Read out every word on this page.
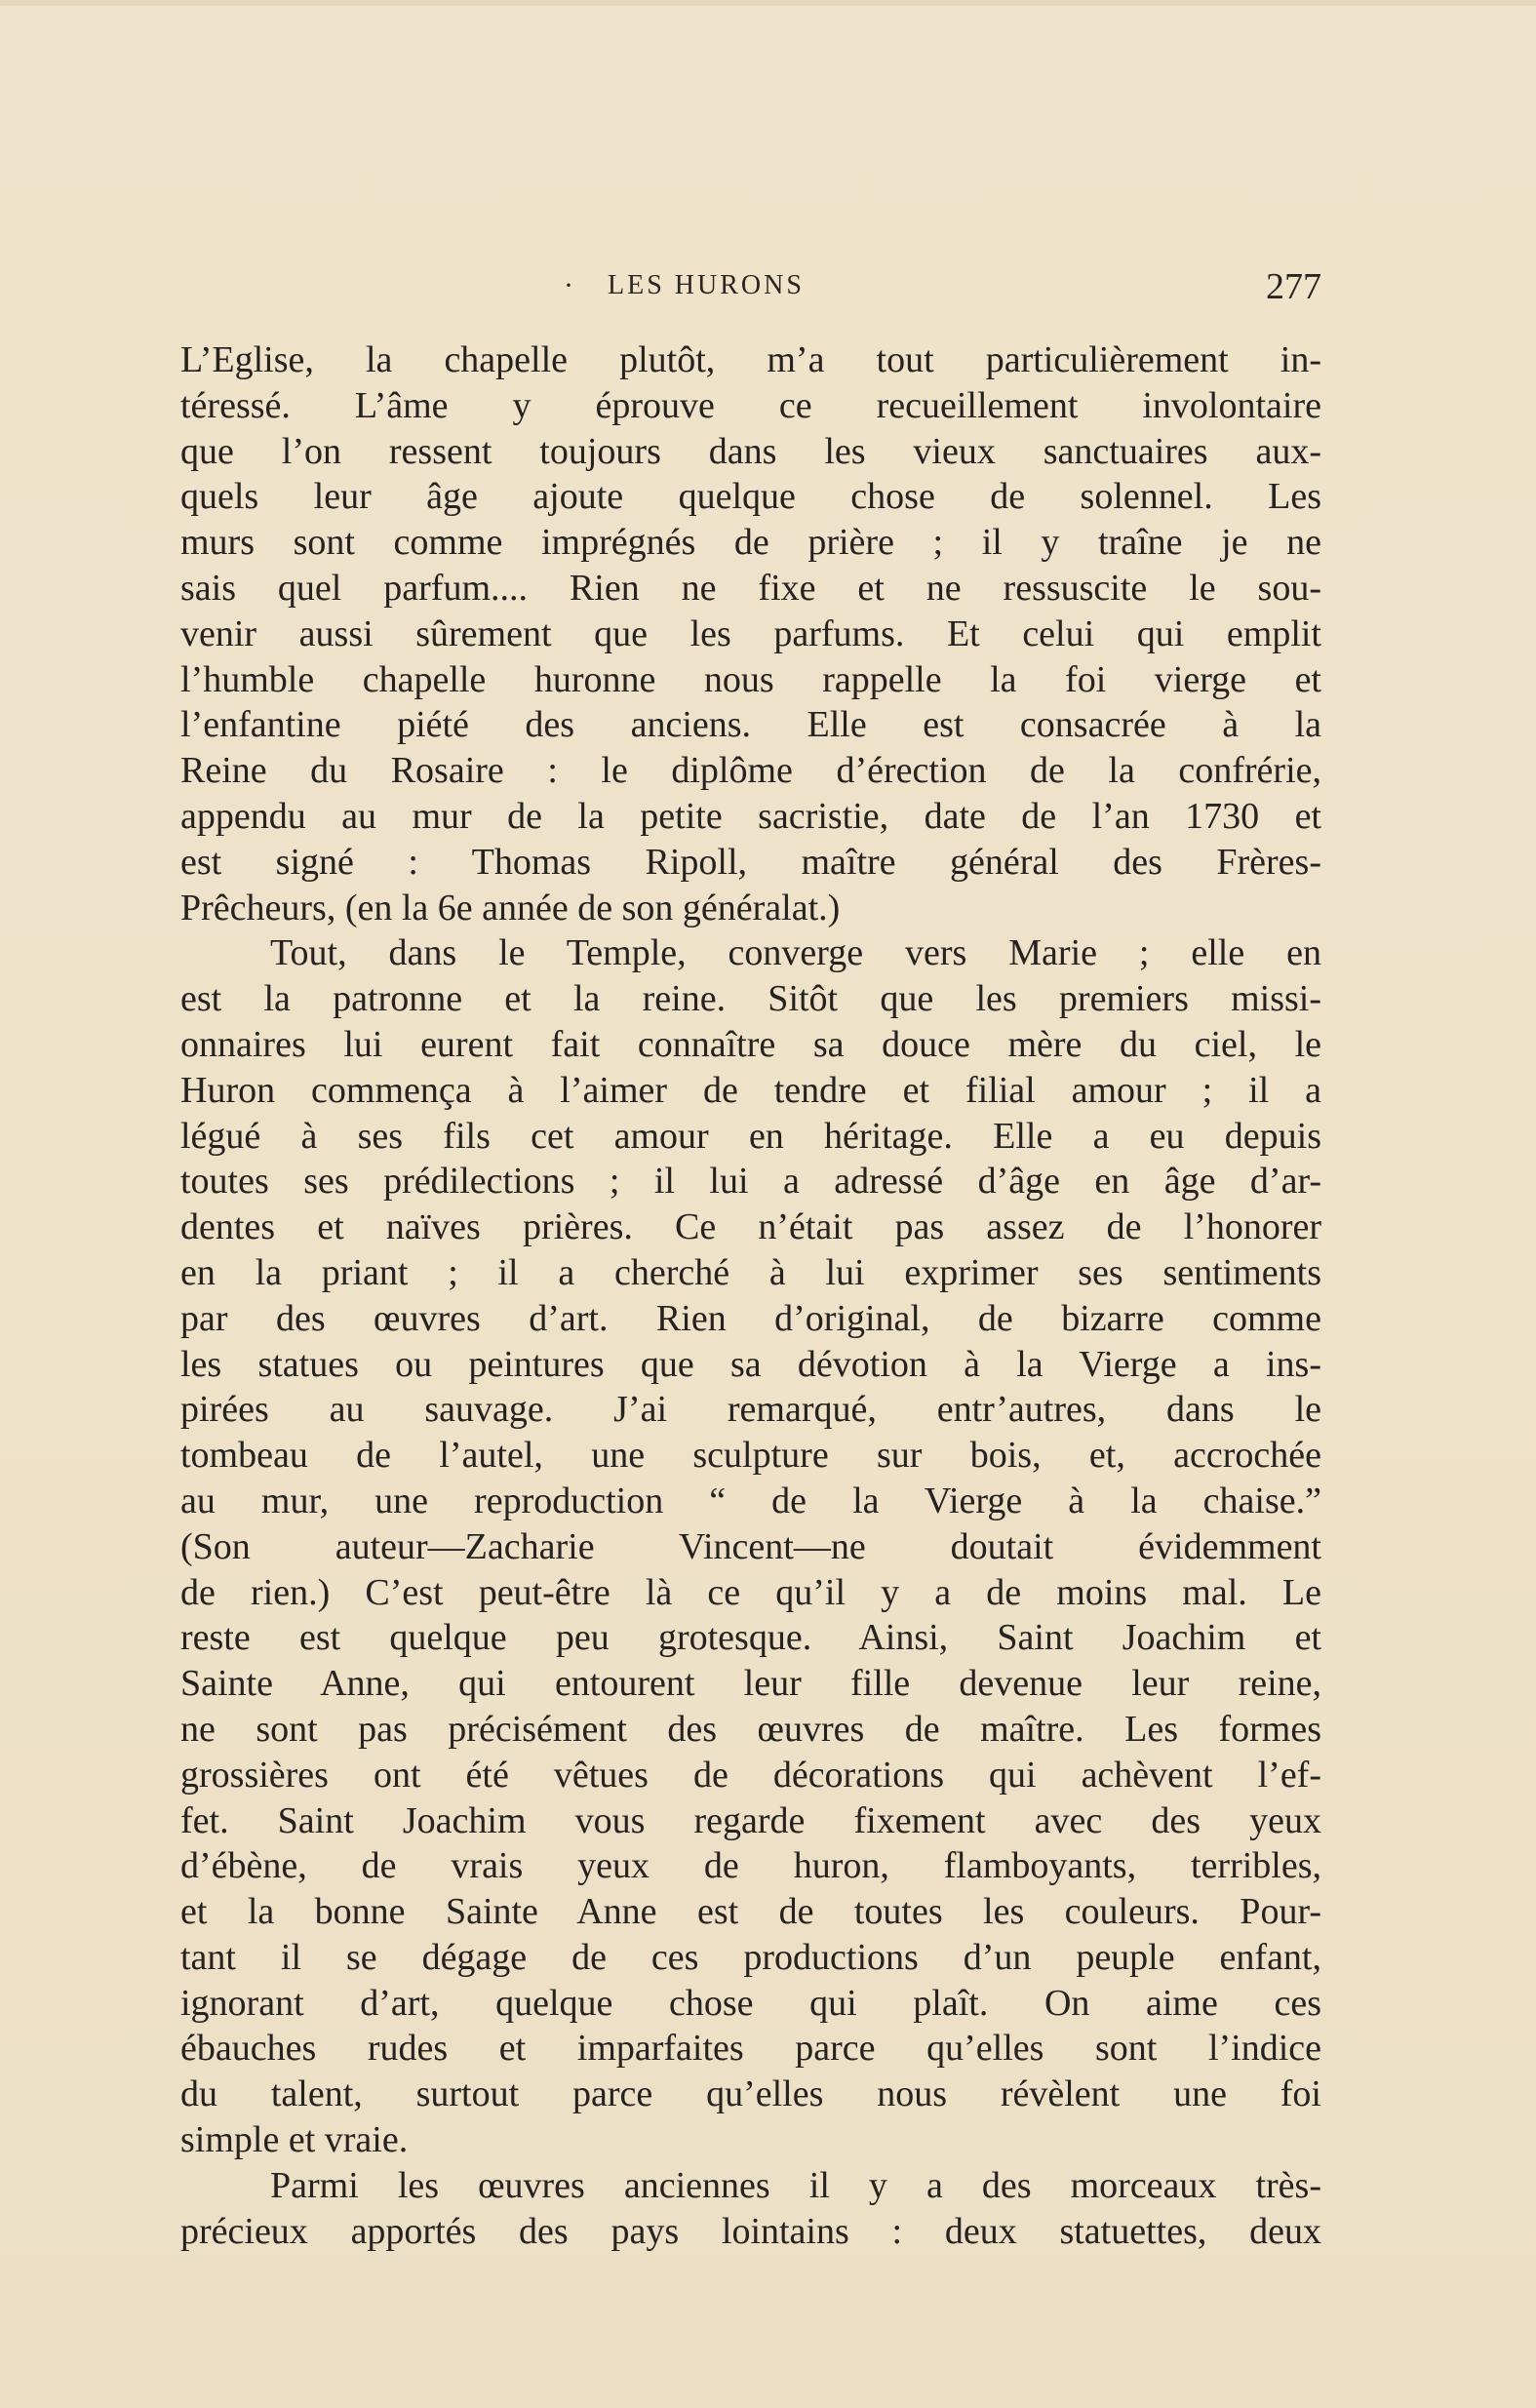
· LES HURONS	277
L’Eglise, la chapelle plutôt, m’a tout particulièrement in-
téressé. L’âme y éprouve ce recueillement involontaire
que l’on ressent toujours dans les vieux sanctuaires aux-
quels leur âge ajoute quelque chose de solennel. Les
murs sont comme imprégnés de prière ; il y traîne je ne
sais quel parfum.... Rien ne fixe et ne ressuscite le sou-
venir aussi sûrement que les parfums. Et celui qui emplit
l’humble chapelle huronne nous rappelle la foi vierge et
l’enfantine piété des anciens. Elle est consacrée à la
Reine du Rosaire : le diplôme d’érection de la confrérie,
appendu au mur de la petite sacristie, date de l’an 1730 et
est signé : Thomas Ripoll, maître général des Frères-
Prêcheurs, (en la 6e année de son généralat.)
Tout, dans le Temple, converge vers Marie ; elle en
est la patronne et la reine. Sitôt que les premiers missi-
onnaires lui eurent fait connaître sa douce mère du ciel, le
Huron commença à l’aimer de tendre et filial amour ; il a
légué à ses fils cet amour en héritage. Elle a eu depuis
toutes ses prédilections ; il lui a adressé d’âge en âge d’ar-
dentes et naïves prières. Ce n’était pas assez de l’honorer
en la priant ; il a cherché à lui exprimer ses sentiments
par des œuvres d’art. Rien d’original, de bizarre comme
les statues ou peintures que sa dévotion à la Vierge a ins-
pirées au sauvage. J’ai remarqué, entr’autres, dans le
tombeau de l’autel, une sculpture sur bois, et, accrochée
au mur, une reproduction “ de la Vierge à la chaise.”
(Son auteur—Zacharie Vincent—ne doutait évidemment
de rien.) C’est peut-être là ce qu’il y a de moins mal. Le
reste est quelque peu grotesque. Ainsi, Saint Joachim et
Sainte Anne, qui entourent leur fille devenue leur reine,
ne sont pas précisément des œuvres de maître. Les formes
grossières ont été vêtues de décorations qui achèvent l’ef-
fet. Saint Joachim vous regarde fixement avec des yeux
d’ébène, de vrais yeux de huron, flamboyants, terribles,
et la bonne Sainte Anne est de toutes les couleurs. Pour-
tant il se dégage de ces productions d’un peuple enfant,
ignorant d’art, quelque chose qui plaît. On aime ces
ébauches rudes et imparfaites parce qu’elles sont l’indice
du talent, surtout parce qu’elles nous révèlent une foi
simple et vraie.
Parmi les œuvres anciennes il y a des morceaux très-
précieux apportés des pays lointains : deux statuettes, deux
